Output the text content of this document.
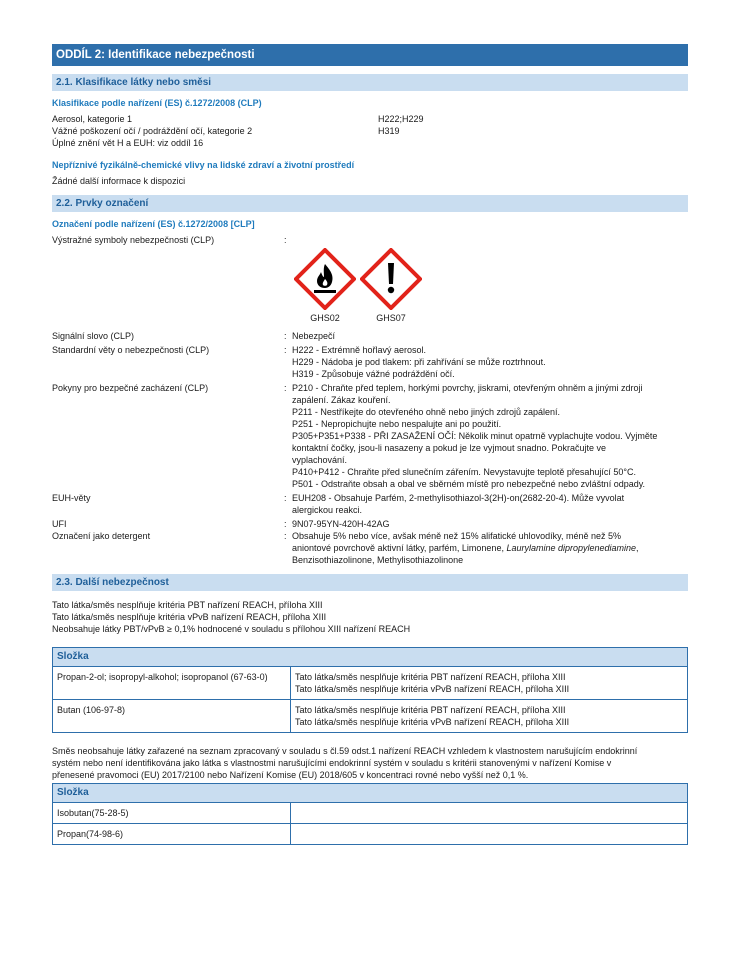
ODDÍL 2: Identifikace nebezpečnosti
2.1. Klasifikace látky nebo směsi
Klasifikace podle nařízení (ES) č.1272/2008 (CLP)
Aerosol, kategorie 1	H222;H229
Vážné poškození očí / podráždění očí, kategorie 2	H319
Úplné znění vět H a EUH: viz oddíl 16
Nepříznivé fyzikálně-chemické vlivy na lidské zdraví a životní prostředí
Žádné další informace k dispozici
2.2. Prvky označení
Označení podle nařízení (ES) č.1272/2008 [CLP]
Výstražné symboly nebezpečnosti (CLP)	:
GHS02	GHS07
Signální slovo (CLP)	: Nebezpečí
Standardní věty o nebezpečnosti (CLP)	: H222 - Extrémně hořlavý aerosol.
H229 - Nádoba je pod tlakem: při zahřívání se může roztrhnout.
H319 - Způsobuje vážné podráždění očí.
Pokyny pro bezpečné zacházení (CLP)	: P210 - Chraňte před teplem, horkými povrchy, jiskrami, otevřeným ohněm a jinými zdroji
zapálení. Zákaz kouření.
P211 - Nestříkejte do otevřeného ohně nebo jiných zdrojů zapálení.
P251 - Nepropichujte nebo nespalujte ani po použití.
P305+P351+P338 - PŘI ZASAŽENÍ OČÍ: Několik minut opatrně vyplachujte vodou. Vyjměte
kontaktní čočky, jsou-li nasazeny a pokud je lze vyjmout snadno. Pokračujte ve
vyplachování.
P410+P412 - Chraňte před slunečním zářením. Nevystavujte teplotě přesahující 50°C.
P501 - Odstraňte obsah a obal ve sběrném místě pro nebezpečné nebo zvláštní odpady.
EUH-věty	: EUH208 - Obsahuje Parfém, 2-methylisothiazol-3(2H)-on(2682-20-4). Může vyvolat
alergickou reakci.
UFI	: 9N07-95YN-420H-42AG
Označení jako detergent	: Obsahuje 5% nebo více, avšak méně než 15% alifatické uhlovodíky, méně než 5%
aniontové povrchově aktivní látky, parfém, Limonene, Laurylamine dipropylenediamine,
Benzisothiazolinone, Methylisothiazolinone
2.3. Další nebezpečnost
Tato látka/směs nesplňuje kritéria PBT nařízení REACH, příloha XIII
Tato látka/směs nesplňuje kritéria vPvB nařízení REACH, příloha XIII
Neobsahuje látky PBT/vPvB ≥ 0,1% hodnocené v souladu s přílohou XIII nařízení REACH
Složka	
Propan-2-ol; isopropyl-alkohol; isopropanol (67-63-0)	Tato látka/směs nesplňuje kritéria PBT nařízení REACH, příloha XIII
Tato látka/směs nesplňuje kritéria vPvB nařízení REACH, příloha XIII

Butan (106-97-8)	Tato látka/směs nesplňuje kritéria PBT nařízení REACH, příloha XIII
Tato látka/směs nesplňuje kritéria vPvB nařízení REACH, příloha XIII
Směs neobsahuje látky zařazené na seznam zpracovaný v souladu s čl.59 odst.1 nařízení REACH vzhledem k vlastnostem narušujícím endokrinní
systém nebo není identifikována jako látka s vlastnostmi narušujícími endokrinní systém v souladu s kritérii stanovenými v nařízení Komise v
přenesené pravomoci (EU) 2017/2100 nebo Nařízení Komise (EU) 2018/605 v koncentraci rovné nebo vyšší než 0,1 %.
Složka	
Isobutan(75-28-5)	
Propan(74-98-6)	
